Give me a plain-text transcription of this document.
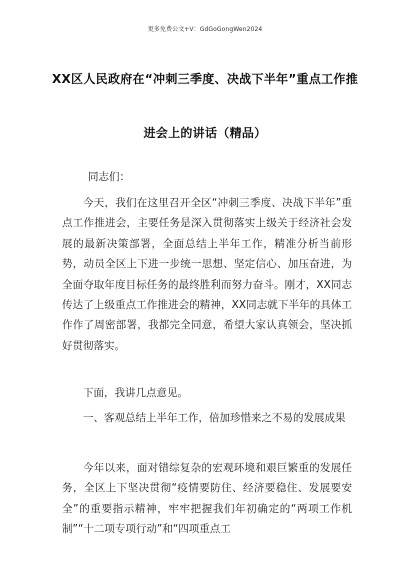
更多免费公文+V：GdGoGongWen2024
XX区人民政府在“冲刺三季度、决战下半年”重点工作推
进会上的讲话（精品）
同志们：

今天，我们在这里召开全区“冲刺三季度、决战下半年”重点工作推进会，主要任务是深入贯彻落实上级关于经济社会发展的最新决策部署，全面总结上半年工作，精准分析当前形势，动员全区上下进一步统一思想、坚定信心、加压奋进，为全面夺取年度目标任务的最终胜利而努力奋斗。刚才，XX同志传达了上级重点工作推进会的精神，XX同志就下半年的具体工作作了周密部署，我都完全同意，希望大家认真领会，坚决抓好贯彻落实。

下面，我讲几点意见。

一、客观总结上半年工作，倍加珍惜来之不易的发展成果

今年以来，面对错综复杂的宏观环境和艰巨繁重的发展任务，全区上下坚决贯彻“疫情要防住、经济要稳住、发展要安全”的重要指示精神，牢牢把握我们年初确定的“两项工作机制”“十二项专项行动”和“四项重点工
